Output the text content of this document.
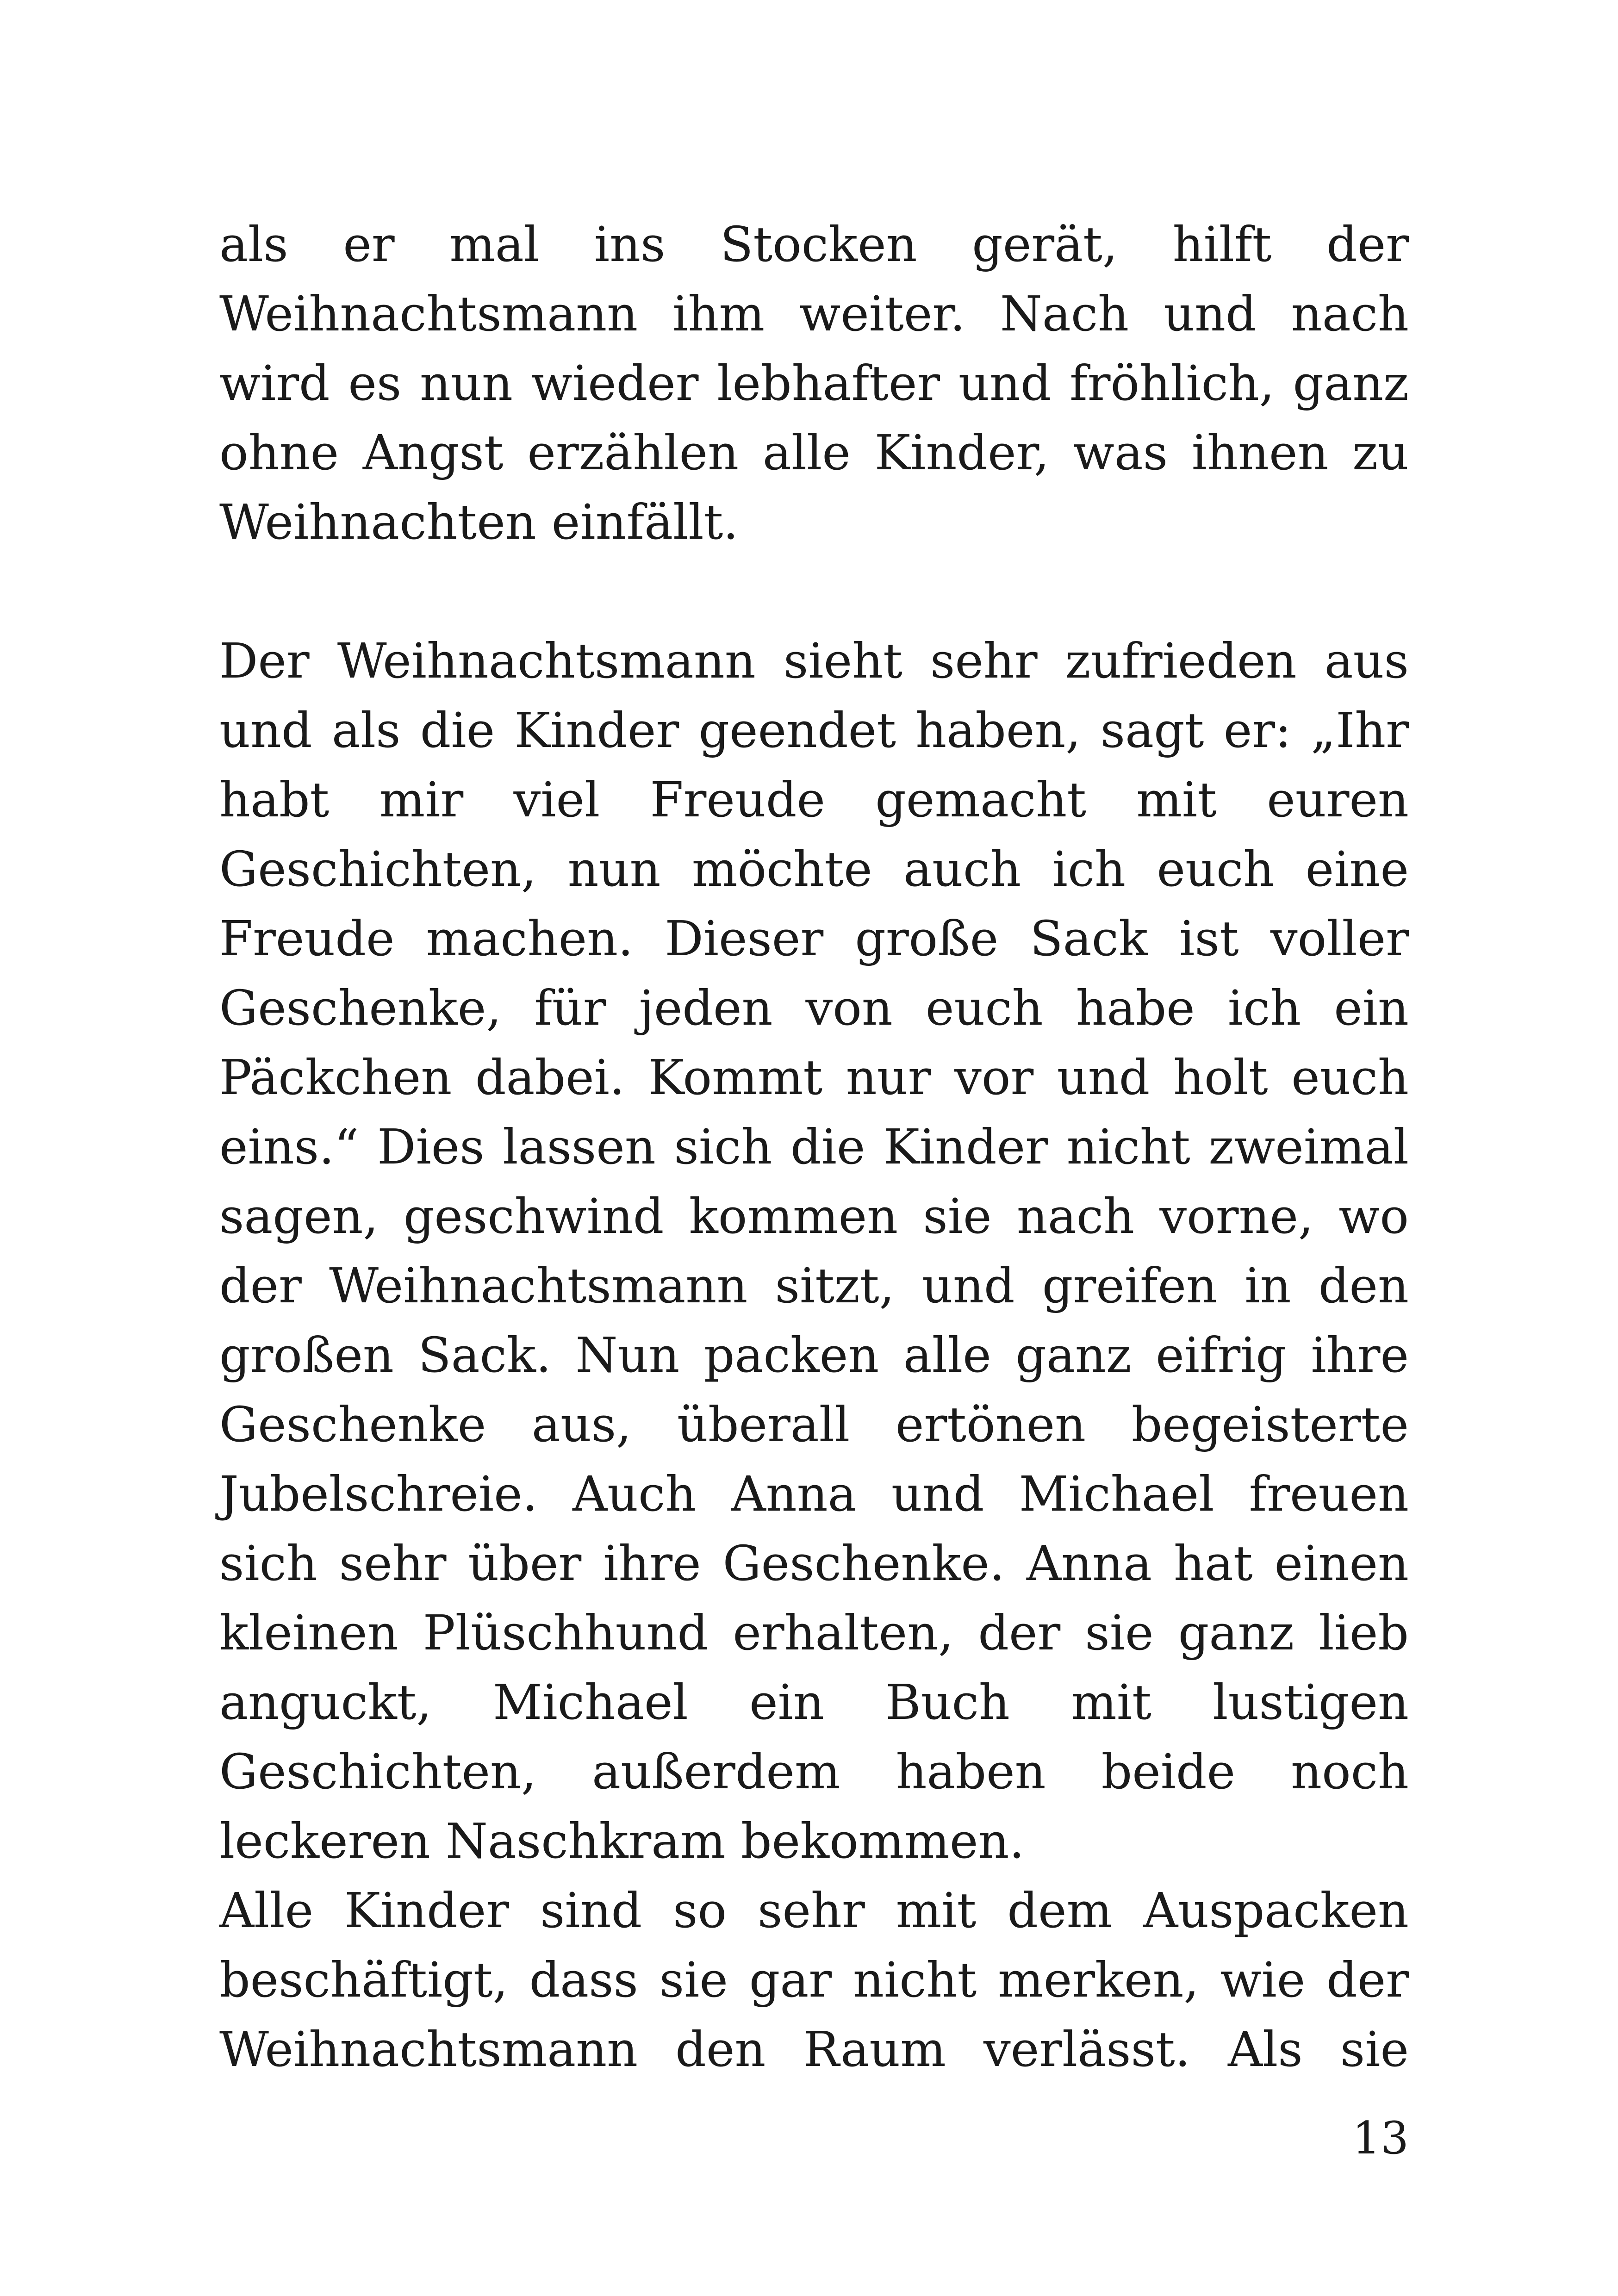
als er mal ins Stocken gerät, hilft der
Weihnachtsmann ihm weiter. Nach und nach
wird es nun wieder lebhafter und fröhlich, ganz
ohne Angst erzählen alle Kinder, was ihnen zu
Weihnachten einfällt.
Der Weihnachtsmann sieht sehr zufrieden aus
und als die Kinder geendet haben, sagt er: „Ihr
habt mir viel Freude gemacht mit euren
Geschichten, nun möchte auch ich euch eine
Freude machen. Dieser große Sack ist voller
Geschenke, für jeden von euch habe ich ein
Päckchen dabei. Kommt nur vor und holt euch
eins.“ Dies lassen sich die Kinder nicht zweimal
sagen, geschwind kommen sie nach vorne, wo
der Weihnachtsmann sitzt, und greifen in den
großen Sack. Nun packen alle ganz eifrig ihre
Geschenke aus, überall ertönen begeisterte
Jubelschreie. Auch Anna und Michael freuen
sich sehr über ihre Geschenke. Anna hat einen
kleinen Plüschhund erhalten, der sie ganz lieb
anguckt, Michael ein Buch mit lustigen
Geschichten, außerdem haben beide noch
leckeren Naschkram bekommen.
Alle Kinder sind so sehr mit dem Auspacken
beschäftigt, dass sie gar nicht merken, wie der
Weihnachtsmann den Raum verlässt. Als sie
13
